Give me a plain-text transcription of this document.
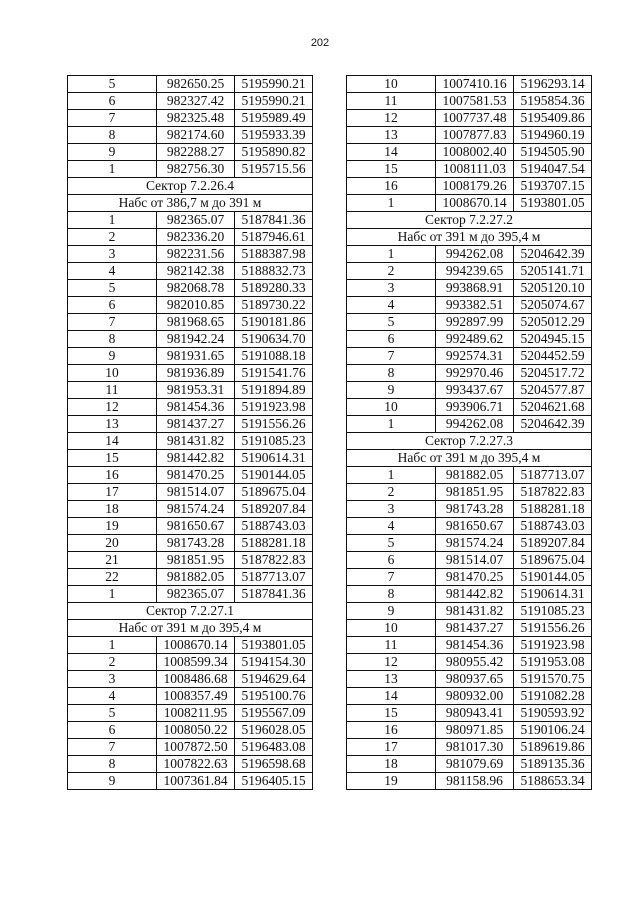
202
5	982650.25	5195990.21
6	982327.42	5195990.21
7	982325.48	5195989.49
8	982174.60	5195933.39
9	982288.27	5195890.82
1	982756.30	5195715.56
Сектор 7.2.26.4		
Набс от 386,7 м до 391 м		
1	982365.07	5187841.36
2	982336.20	5187946.61
3	982231.56	5188387.98
4	982142.38	5188832.73
5	982068.78	5189280.33
6	982010.85	5189730.22
7	981968.65	5190181.86
8	981942.24	5190634.70
9	981931.65	5191088.18
10	981936.89	5191541.76
11	981953.31	5191894.89
12	981454.36	5191923.98
13	981437.27	5191556.26
14	981431.82	5191085.23
15	981442.82	5190614.31
16	981470.25	5190144.05
17	981514.07	5189675.04
18	981574.24	5189207.84
19	981650.67	5188743.03
20	981743.28	5188281.18
21	981851.95	5187822.83
22	981882.05	5187713.07
1	982365.07	5187841.36
Сектор 7.2.27.1		
Набс от 391 м до 395,4 м		
1	1008670.14	5193801.05
2	1008599.34	5194154.30
3	1008486.68	5194629.64
4	1008357.49	5195100.76
5	1008211.95	5195567.09
6	1008050.22	5196028.05
7	1007872.50	5196483.08
8	1007822.63	5196598.68
9	1007361.84	5196405.15
10	1007410.16	5196293.14
11	1007581.53	5195854.36
12	1007737.48	5195409.86
13	1007877.83	5194960.19
14	1008002.40	5194505.90
15	1008111.03	5194047.54
16	1008179.26	5193707.15
1	1008670.14	5193801.05
Сектор 7.2.27.2		
Набс от 391 м до 395,4 м		
1	994262.08	5204642.39
2	994239.65	5205141.71
3	993868.91	5205120.10
4	993382.51	5205074.67
5	992897.99	5205012.29
6	992489.62	5204945.15
7	992574.31	5204452.59
8	992970.46	5204517.72
9	993437.67	5204577.87
10	993906.71	5204621.68
1	994262.08	5204642.39
Сектор 7.2.27.3		
Набс от 391 м до 395,4 м		
1	981882.05	5187713.07
2	981851.95	5187822.83
3	981743.28	5188281.18
4	981650.67	5188743.03
5	981574.24	5189207.84
6	981514.07	5189675.04
7	981470.25	5190144.05
8	981442.82	5190614.31
9	981431.82	5191085.23
10	981437.27	5191556.26
11	981454.36	5191923.98
12	980955.42	5191953.08
13	980937.65	5191570.75
14	980932.00	5191082.28
15	980943.41	5190593.92
16	980971.85	5190106.24
17	981017.30	5189619.86
18	981079.69	5189135.36
19	981158.96	5188653.34
